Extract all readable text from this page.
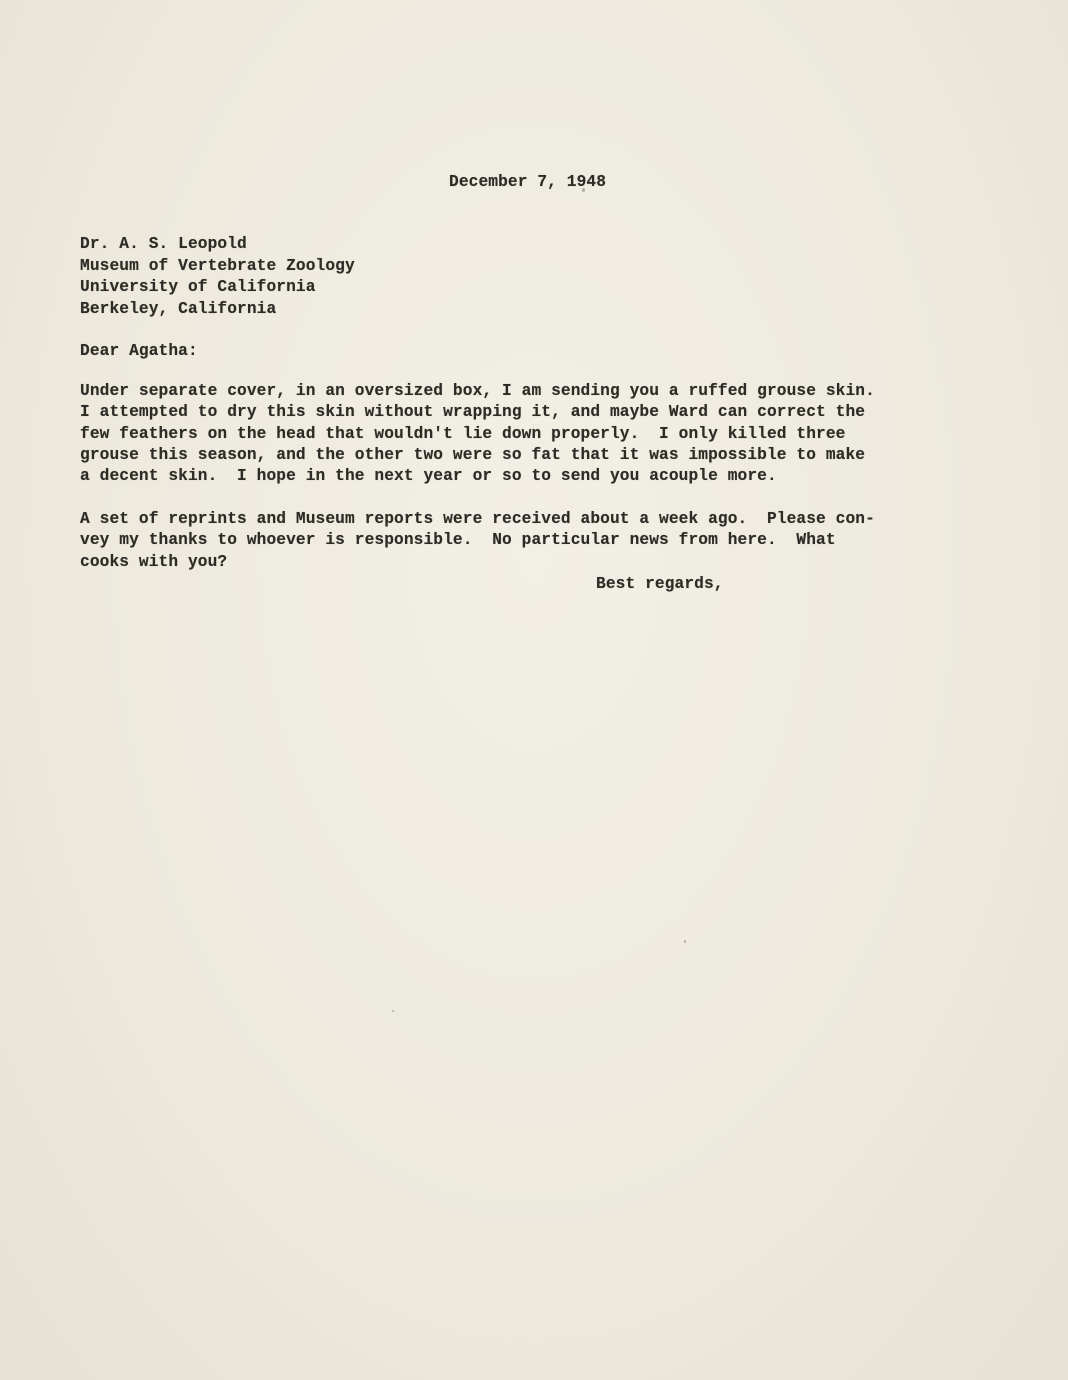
December 7, 1948

Dr. A. S. Leopold

Museum of Vertebrate Zoology

University of California

Berkeley, California

Dear Agatha:

Under separate cover, in an oversized box, I am sending you a ruffed grouse skin.

I attempted to dry this skin without wrapping it, and maybe Ward can correct the

few feathers on the head that wouldn't lie down properly.  I only killed three

grouse this season, and the other two were so fat that it was impossible to make

a decent skin.  I hope in the next year or so to send you acouple more.

A set of reprints and Museum reports were received about a week ago.  Please con-

vey my thanks to whoever is responsible.  No particular news from here.  What

cooks with you?

Best regards,
